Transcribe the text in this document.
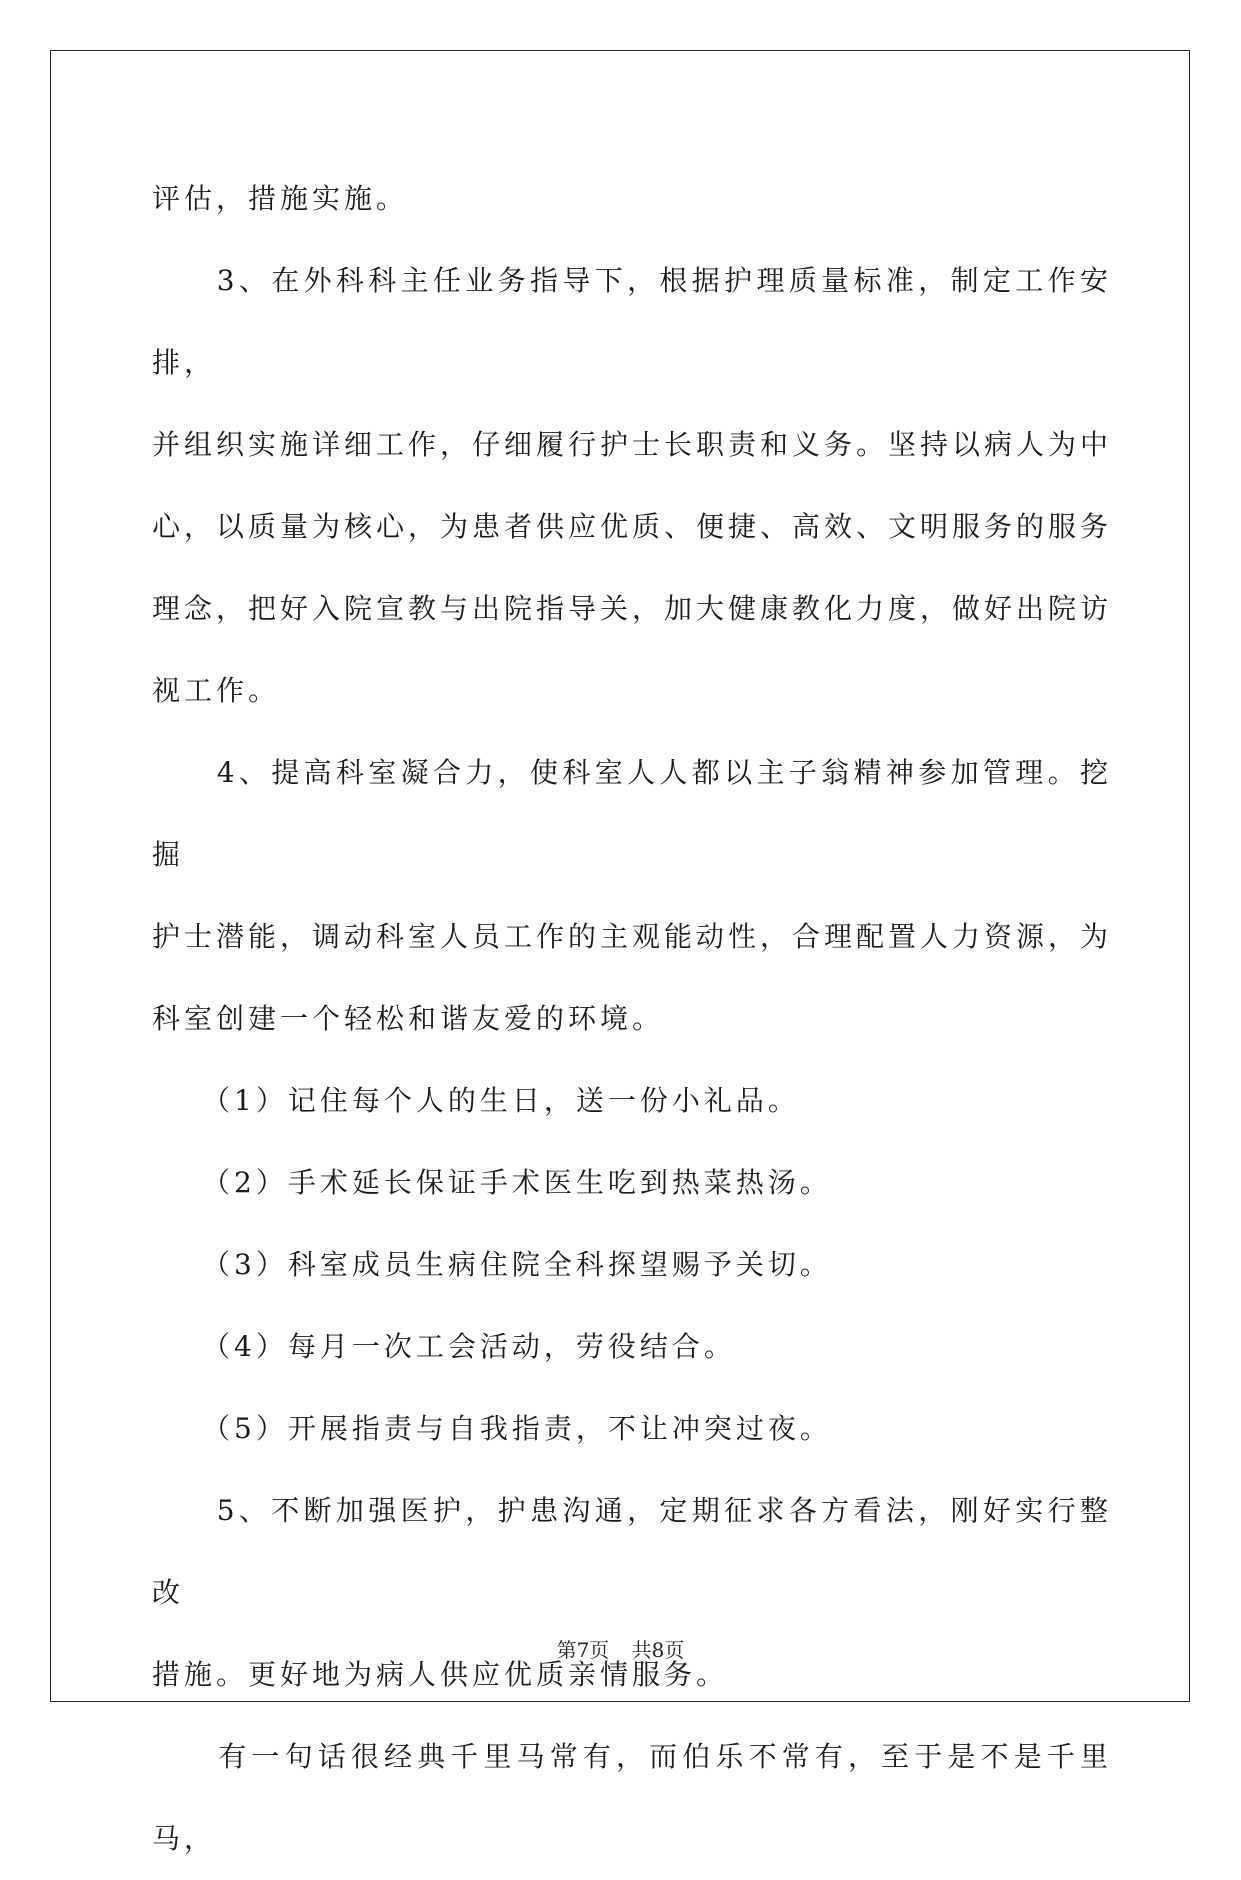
评估，措施实施。

　　3、在外科科主任业务指导下，根据护理质量标准，制定工作安排，

并组织实施详细工作，仔细履行护士长职责和义务。坚持以病人为中

心，以质量为核心，为患者供应优质、便捷、高效、文明服务的服务

理念，把好入院宣教与出院指导关，加大健康教化力度，做好出院访

视工作。

　　4、提高科室凝合力，使科室人人都以主子翁精神参加管理。挖掘

护士潜能，调动科室人员工作的主观能动性，合理配置人力资源，为

科室创建一个轻松和谐友爱的环境。

　　（1）记住每个人的生日，送一份小礼品。

　　（2）手术延长保证手术医生吃到热菜热汤。

　　（3）科室成员生病住院全科探望赐予关切。

　　（4）每月一次工会活动，劳役结合。

　　（5）开展指责与自我指责，不让冲突过夜。

　　5、不断加强医护，护患沟通，定期征求各方看法，刚好实行整改

措施。更好地为病人供应优质亲情服务。

　　有一句话很经典千里马常有，而伯乐不常有，至于是不是千里马，

第7页 共8页
